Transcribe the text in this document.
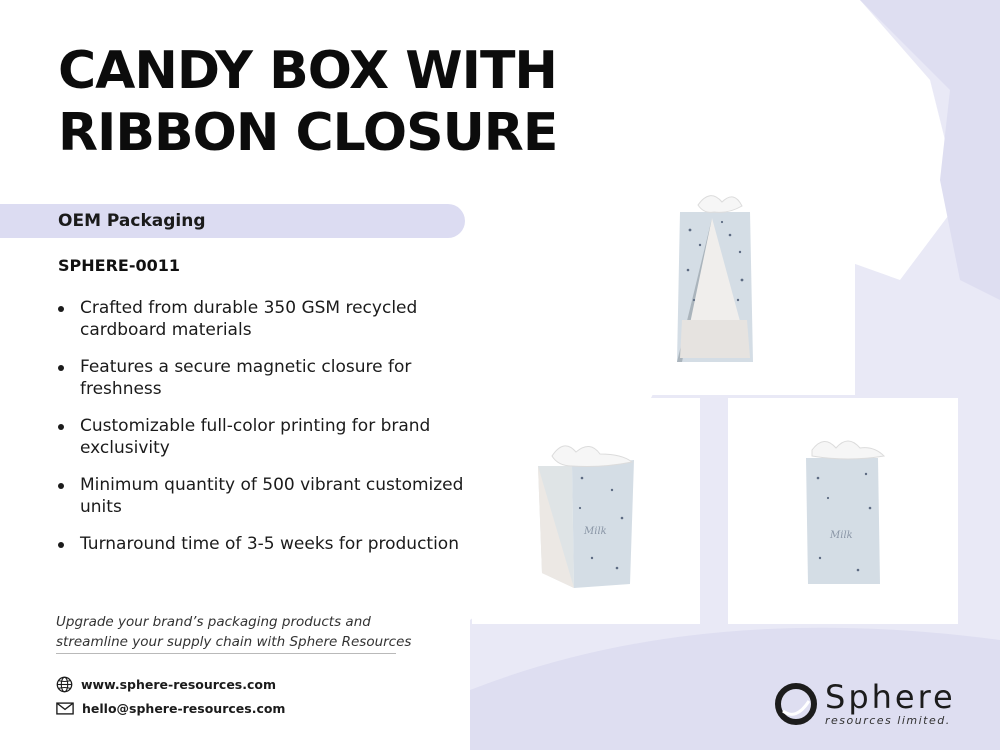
CANDY BOX WITH
RIBBON CLOSURE
OEM Packaging
SPHERE-0011
Crafted from durable 350 GSM recycled cardboard materials
Features a secure magnetic closure for freshness
Customizable full-color printing for brand exclusivity
Minimum quantity of 500 vibrant customized units
Turnaround time of 3-5 weeks for production
Upgrade your brand’s packaging products and
streamline your supply chain with Sphere Resources
www.sphere-resources.com
hello@sphere-resources.com
Milk	Milk
Sphere
resources limited.
